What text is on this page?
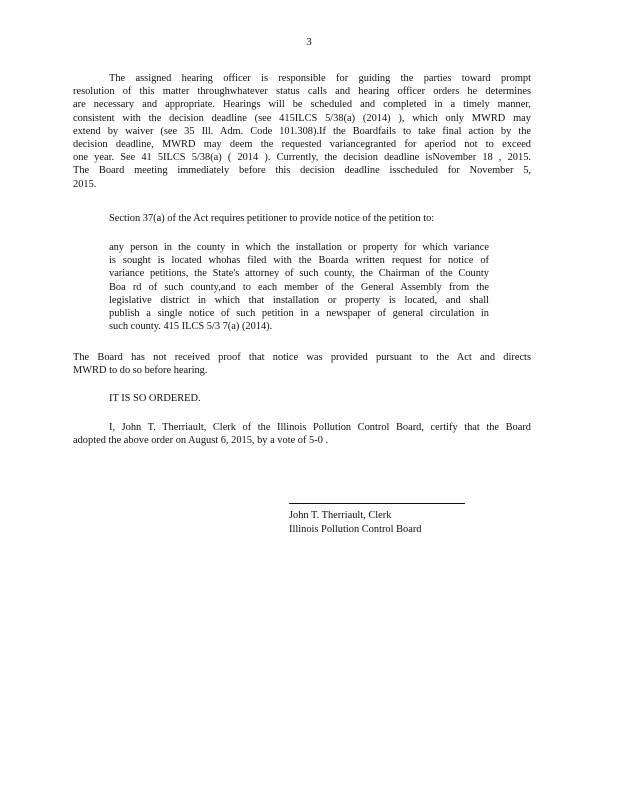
3
The assigned hearing officer is responsible for guiding the parties toward prompt
resolution of this matter throughwhatever status calls and hearing officer orders he determines
are necessary and appropriate. Hearings will be scheduled and completed in a timely manner,
consistent with the decision deadline (see 415ILCS 5/38(a) (2014) ), which only MWRD may
extend by waiver (see 35 Ill. Adm. Code 101.308).If the Boardfails to take final action by the
decision deadline, MWRD may deem the requested variancegranted for aperiod not to exceed
one year. See 41 5ILCS 5/38(a) ( 2014 ). Currently, the decision deadline isNovember 18 , 2015.
The Board meeting immediately before this decision deadline isscheduled for November 5,
2015.
Section 37(a) of the Act requires petitioner to provide notice of the petition to:
any person in the county in which the installation or property for which variance
is sought is located whohas filed with the Boarda written request for notice of
variance petitions, the State's attorney of such county, the Chairman of the County
Boa rd of such county,and to each member of the General Assembly from the
legislative district in which that installation or property is located, and shall
publish a single notice of such petition in a newspaper of general circulation in
such county. 415 ILCS 5/3 7(a) (2014).
The Board has not received proof that notice was provided pursuant to the Act and directs
MWRD to do so before hearing.
IT IS SO ORDERED.
I, John T. Therriault, Clerk of the Illinois Pollution Control Board, certify that the Board
adopted the above order on August 6, 2015, by a vote of 5-0 .
John T. Therriault, Clerk
Illinois Pollution Control Board
